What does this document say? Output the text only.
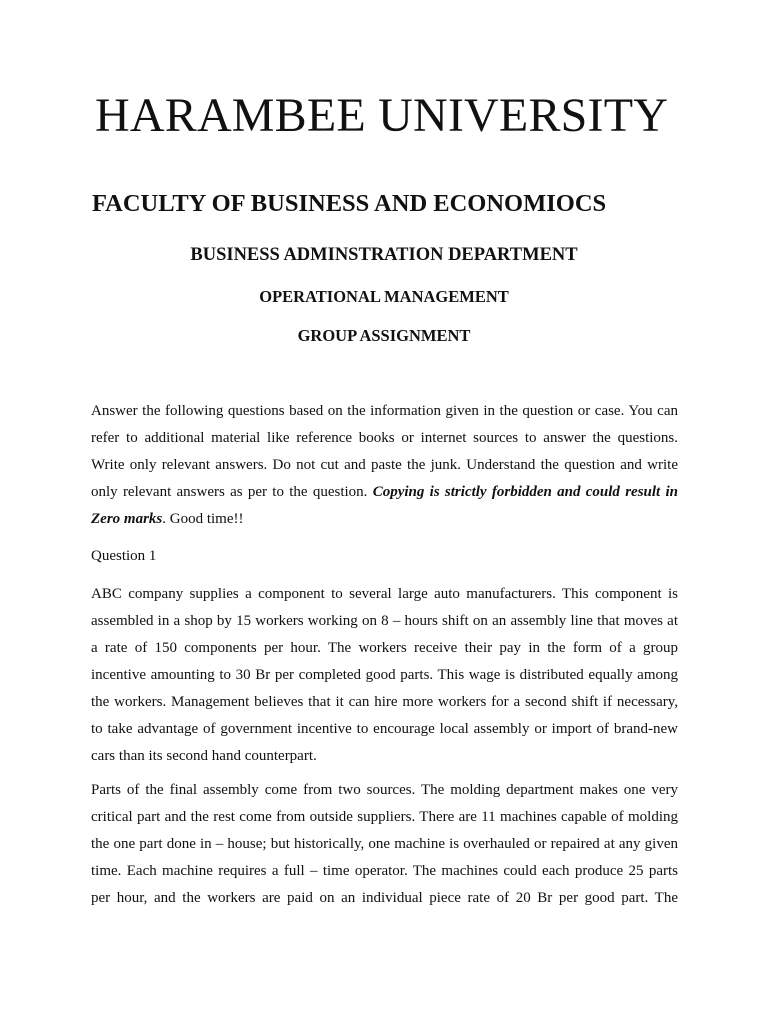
HARAMBEE UNIVERSITY
FACULTY OF BUSINESS AND ECONOMIOCS
BUSINESS ADMINSTRATION DEPARTMENT
OPERATIONAL MANAGEMENT
GROUP ASSIGNMENT
Answer the following questions based on the information given in the question or case. You can
refer to additional material like reference books or internet sources to answer the questions.
Write only relevant answers. Do not cut and paste the junk. Understand the question and write
only relevant answers as per to the question. Copying is strictly forbidden and could result in
Zero marks. Good time!!
Question 1
ABC company supplies a component to several large auto manufacturers. This component is
assembled in a shop by 15 workers working on 8 – hours shift on an assembly line that moves at
a rate of 150 components per hour. The workers receive their pay in the form of a group
incentive amounting to 30 Br per completed good parts. This wage is distributed equally among
the workers. Management believes that it can hire more workers for a second shift if necessary,
to take advantage of government incentive to encourage local assembly or import of brand-new
cars than its second hand counterpart.
Parts of the final assembly come from two sources. The molding department makes one very
critical part and the rest come from outside suppliers. There are 11 machines capable of molding
the one part done in – house; but historically, one machine is overhauled or repaired at any given
time. Each machine requires a full – time operator. The machines could each produce 25 parts
per hour, and the workers are paid on an individual piece rate of 20 Br per good part. The
